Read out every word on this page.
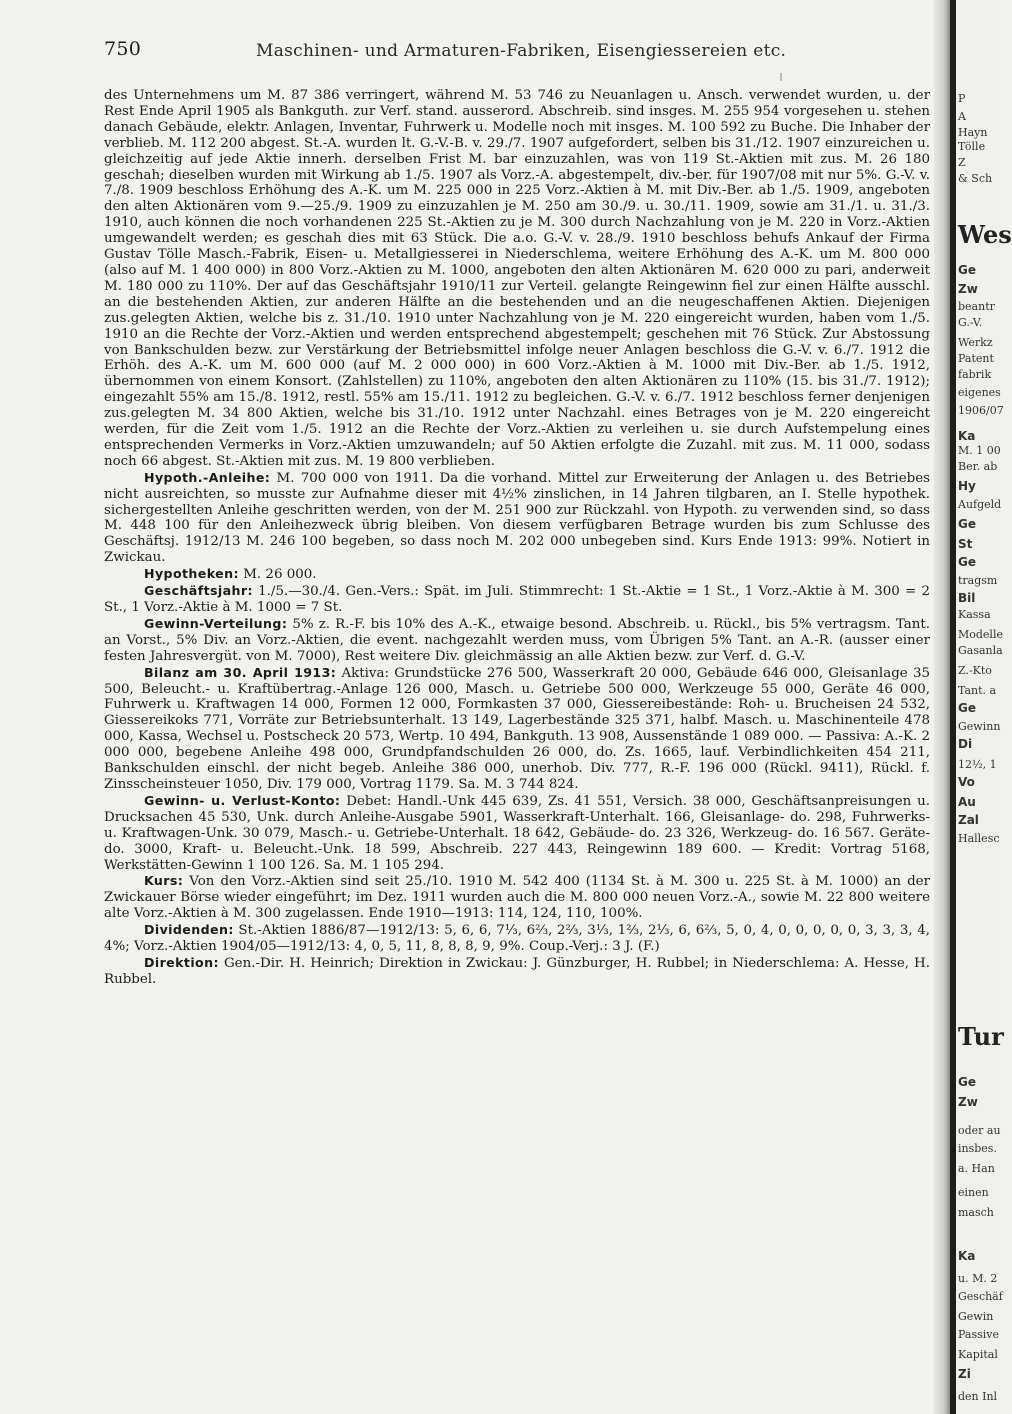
750	Maschinen- und Armaturen-Fabriken, Eisengiessereien etc.

des Unternehmens um M. 87 386 verringert, während M. 53 746 zu Neuanlagen u. Ansch. verwendet wurden, u. der Rest Ende April 1905 als Bankguth. zur Verf. stand. ausserord. Abschreib. sind insges. M. 255 954 vorgesehen u. stehen danach Gebäude, elektr. Anlagen, Inventar, Fuhrwerk u. Modelle noch mit insges. M. 100 592 zu Buche. Die Inhaber der verblieb. M. 112 200 abgest. St.-A. wurden lt. G.-V.-B. v. 29./7. 1907 aufgefordert, selben bis 31./12. 1907 einzureichen u. gleichzeitig auf jede Aktie innerh. derselben Frist M. bar einzuzahlen, was von 119 St.-Aktien mit zus. M. 26 180 geschah; dieselben wurden mit Wirkung ab 1./5. 1907 als Vorz.-A. abgestempelt, div.-ber. für 1907/08 mit nur 5%. G.-V. v. 7./8. 1909 beschloss Erhöhung des A.-K. um M. 225 000 in 225 Vorz.-Aktien à M. mit Div.-Ber. ab 1./5. 1909, angeboten den alten Aktionären vom 9.—25./9. 1909 zu einzuzahlen je M. 250 am 30./9. u. 30./11. 1909, sowie am 31./1. u. 31./3. 1910, auch können die noch vorhandenen 225 St.-Aktien zu je M. 300 durch Nachzahlung von je M. 220 in Vorz.-Aktien umgewandelt werden; es geschah dies mit 63 Stück. Die a.o. G.-V. v. 28./9. 1910 beschloss behufs Ankauf der Firma Gustav Tölle Masch.-Fabrik, Eisen- u. Metallgiesserei in Niederschlema, weitere Erhöhung des A.-K. um M. 800 000 (also auf M. 1 400 000) in 800 Vorz.-Aktien zu M. 1000, angeboten den alten Aktionären M. 620 000 zu pari, anderweit M. 180 000 zu 110%. Der auf das Geschäftsjahr 1910/11 zur Verteil. gelangte Reingewinn fiel zur einen Hälfte ausschl. an die bestehenden Aktien, zur anderen Hälfte an die bestehenden und an die neugeschaffenen Aktien. Diejenigen zus.gelegten Aktien, welche bis z. 31./10. 1910 unter Nachzahlung von je M. 220 eingereicht wurden, haben vom 1./5. 1910 an die Rechte der Vorz.-Aktien und werden entsprechend abgestempelt; geschehen mit 76 Stück. Zur Abstossung von Bankschulden bezw. zur Verstärkung der Betriebsmittel infolge neuer Anlagen beschloss die G.-V. v. 6./7. 1912 die Erhöh. des A.-K. um M. 600 000 (auf M. 2 000 000) in 600 Vorz.-Aktien à M. 1000 mit Div.-Ber. ab 1./5. 1912, übernommen von einem Konsort. (Zahlstellen) zu 110%, angeboten den alten Aktionären zu 110% (15. bis 31./7. 1912); eingezahlt 55% am 15./8. 1912, restl. 55% am 15./11. 1912 zu begleichen. G.-V. v. 6./7. 1912 beschloss ferner denjenigen zus.gelegten M. 34 800 Aktien, welche bis 31./10. 1912 unter Nachzahl. eines Betrages von je M. 220 eingereicht werden, für die Zeit vom 1./5. 1912 an die Rechte der Vorz.-Aktien zu verleihen u. sie durch Aufstempelung eines entsprechenden Vermerks in Vorz.-Aktien umzuwandeln; auf 50 Aktien erfolgte die Zuzahl. mit zus. M. 11 000, sodass noch 66 abgest. St.-Aktien mit zus. M. 19 800 verblieben.

Hypoth.-Anleihe: M. 700 000 von 1911. Da die vorhand. Mittel zur Erweiterung der Anlagen u. des Betriebes nicht ausreichten, so musste zur Aufnahme dieser mit 4½% zinslichen, in 14 Jahren tilgbaren, an I. Stelle hypothek. sichergestellten Anleihe geschritten werden, von der M. 251 900 zur Rückzahl. von Hypoth. zu verwenden sind, so dass M. 448 100 für den Anleihezweck übrig bleiben. Von diesem verfügbaren Betrage wurden bis zum Schlusse des Geschäftsj. 1912/13 M. 246 100 begeben, so dass noch M. 202 000 unbegeben sind. Kurs Ende 1913: 99%. Notiert in Zwickau.

Hypotheken: M. 26 000.

Geschäftsjahr: 1./5.—30./4. Gen.-Vers.: Spät. im Juli. Stimmrecht: 1 St.-Aktie = 1 St., 1 Vorz.-Aktie à M. 300 = 2 St., 1 Vorz.-Aktie à M. 1000 = 7 St.

Gewinn-Verteilung: 5% z. R.-F. bis 10% des A.-K., etwaige besond. Abschreib. u. Rückl., bis 5% vertragsm. Tant. an Vorst., 5% Div. an Vorz.-Aktien, die event. nachgezahlt werden muss, vom Übrigen 5% Tant. an A.-R. (ausser einer festen Jahresvergüt. von M. 7000), Rest weitere Div. gleichmässig an alle Aktien bezw. zur Verf. d. G.-V.

Bilanz am 30. April 1913: Aktiva: Grundstücke 276 500, Wasserkraft 20 000, Gebäude 646 000, Gleisanlage 35 500, Beleucht.- u. Kraftübertrag.-Anlage 126 000, Masch. u. Getriebe 500 000, Werkzeuge 55 000, Geräte 46 000, Fuhrwerk u. Kraftwagen 14 000, Formen 12 000, Formkasten 37 000, Giessereibestände: Roh- u. Brucheisen 24 532, Giessereikoks 771, Vorräte zur Betriebsunterhalt. 13 149, Lagerbestände 325 371, halbf. Masch. u. Maschinenteile 478 000, Kassa, Wechsel u. Postscheck 20 573, Wertp. 10 494, Bankguth. 13 908, Aussenstände 1 089 000. — Passiva: A.-K. 2 000 000, begebene Anleihe 498 000, Grundpfandschulden 26 000, do. Zs. 1665, lauf. Verbindlichkeiten 454 211, Bankschulden einschl. der nicht begeb. Anleihe 386 000, unerhob. Div. 777, R.-F. 196 000 (Rückl. 9411), Rückl. f. Zinsscheinsteuer 1050, Div. 179 000, Vortrag 1179. Sa. M. 3 744 824.

Gewinn- u. Verlust-Konto: Debet: Handl.-Unk 445 639, Zs. 41 551, Versich. 38 000, Geschäftsanpreisungen u. Drucksachen 45 530, Unk. durch Anleihe-Ausgabe 5901, Wasserkraft-Unterhalt. 166, Gleisanlage- do. 298, Fuhrwerks- u. Kraftwagen-Unk. 30 079, Masch.- u. Getriebe-Unterhalt. 18 642, Gebäude- do. 23 326, Werkzeug- do. 16 567. Geräte- do. 3000, Kraft- u. Beleucht.-Unk. 18 599, Abschreib. 227 443, Reingewinn 189 600. — Kredit: Vortrag 5168, Werkstätten-Gewinn 1 100 126. Sa. M. 1 105 294.

Kurs: Von den Vorz.-Aktien sind seit 25./10. 1910 M. 542 400 (1134 St. à M. 300 u. 225 St. à M. 1000) an der Zwickauer Börse wieder eingeführt; im Dez. 1911 wurden auch die M. 800 000 neuen Vorz.-A., sowie M. 22 800 weitere alte Vorz.-Aktien à M. 300 zugelassen. Ende 1910—1913: 114, 124, 110, 100%.

Dividenden: St.-Aktien 1886/87—1912/13: 5, 6, 6, 7⅓, 6⅔, 2⅔, 3⅓, 1⅔, 2⅓, 6, 6⅔, 5, 0, 4, 0, 0, 0, 0, 0, 3, 3, 3, 4, 4%; Vorz.-Aktien 1904/05—1912/13: 4, 0, 5, 11, 8, 8, 8, 9, 9%. Coup.-Verj.: 3 J. (F.)

Direktion: Gen.-Dir. H. Heinrich; Direktion in Zwickau: J. Günzburger, H. Rubbel; in Niederschlema: A. Hesse, H. Rubbel.

P
A
Hayn
Tölle
Z
& Sch
Wes
Ge
Zw
beantr
G.-V.
Werkz
Patent
fabrik
eigenes
1906/07
Ka
M. 1 00
Ber. ab
Hy
Aufgeld
Ge
St
Ge
tragsm
Bil
Kassa
Modelle
Gasanla
Z.-Kto
Tant. a
Ge
Gewinn
Di
12½, 1
Vo
Au
Zal
Hallesc
Tur
Ge
Zw
oder au
insbes.
a. Han
einen
masch
Ka
u. M. 2
Geschäf
Gewin
Passive
Kapital
Zi
den Inl
